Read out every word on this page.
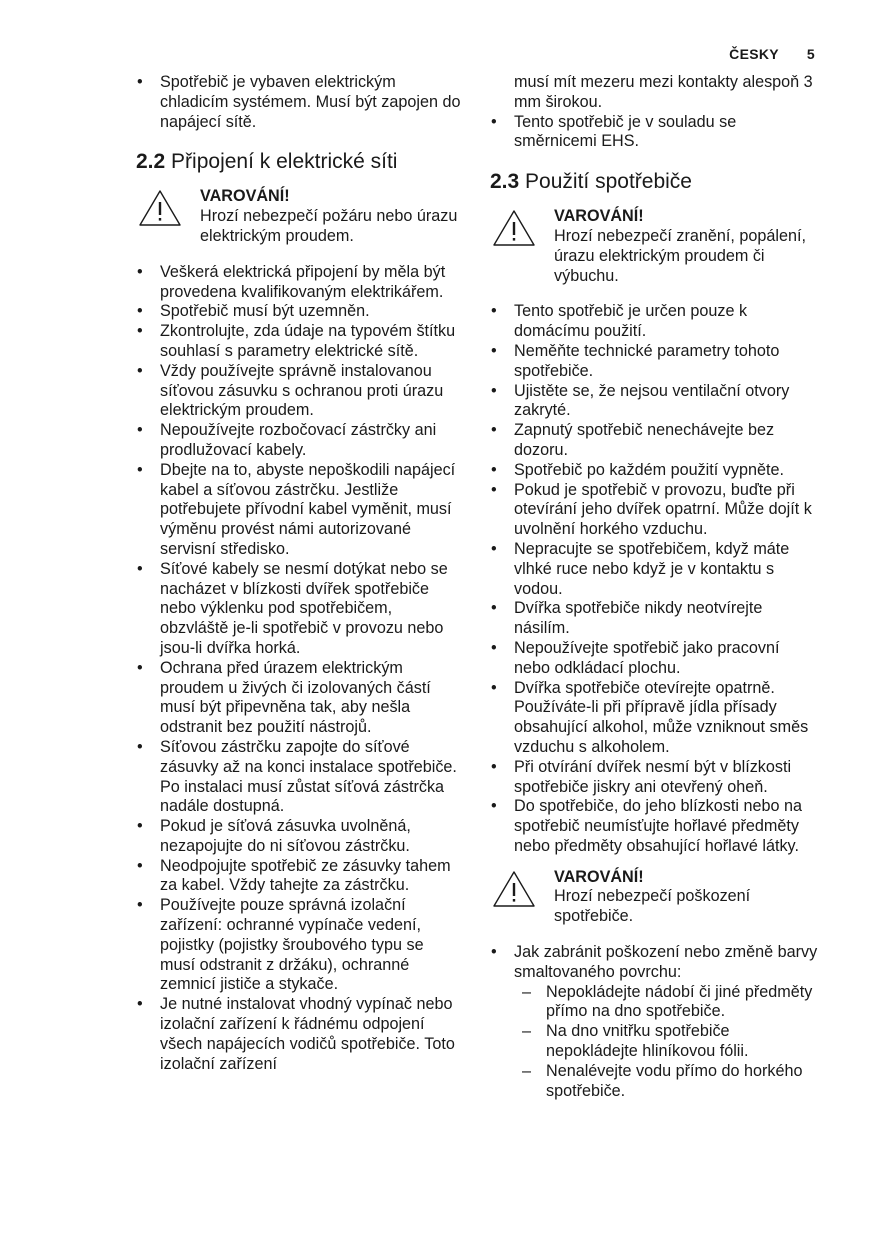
ČESKY 5
• Spotřebič je vybaven elektrickým chladicím systémem. Musí být zapojen do napájecí sítě.
2.2 Připojení k elektrické síti
VAROVÁNÍ!
Hrozí nebezpečí požáru nebo úrazu elektrickým proudem.
• Veškerá elektrická připojení by měla být provedena kvalifikovaným elektrikářem.
• Spotřebič musí být uzemněn.
• Zkontrolujte, zda údaje na typovém štítku souhlasí s parametry elektrické sítě.
• Vždy používejte správně instalovanou síťovou zásuvku s ochranou proti úrazu elektrickým proudem.
• Nepoužívejte rozbočovací zástrčky ani prodlužovací kabely.
• Dbejte na to, abyste nepoškodili napájecí kabel a síťovou zástrčku. Jestliže potřebujete přívodní kabel vyměnit, musí výměnu provést námi autorizované servisní středisko.
• Síťové kabely se nesmí dotýkat nebo se nacházet v blízkosti dvířek spotřebiče nebo výklenku pod spotřebičem, obzvláště je-li spotřebič v provozu nebo jsou-li dvířka horká.
• Ochrana před úrazem elektrickým proudem u živých či izolovaných částí musí být připevněna tak, aby nešla odstranit bez použití nástrojů.
• Síťovou zástrčku zapojte do síťové zásuvky až na konci instalace spotřebiče. Po instalaci musí zůstat síťová zástrčka nadále dostupná.
• Pokud je síťová zásuvka uvolněná, nezapojujte do ni síťovou zástrčku.
• Neodpojujte spotřebič ze zásuvky tahem za kabel. Vždy tahejte za zástrčku.
• Používejte pouze správná izolační zařízení: ochranné vypínače vedení, pojistky (pojistky šroubového typu se musí odstranit z držáku), ochranné zemnicí jističe a stykače.
• Je nutné instalovat vhodný vypínač nebo izolační zařízení k řádnému odpojení všech napájecích vodičů spotřebiče. Toto izolační zařízení
musí mít mezeru mezi kontakty alespoň 3 mm širokou.
• Tento spotřebič je v souladu se směrnicemi EHS.
2.3 Použití spotřebiče
VAROVÁNÍ!
Hrozí nebezpečí zranění, popálení, úrazu elektrickým proudem či výbuchu.
• Tento spotřebič je určen pouze k domácímu použití.
• Neměňte technické parametry tohoto spotřebiče.
• Ujistěte se, že nejsou ventilační otvory zakryté.
• Zapnutý spotřebič nenechávejte bez dozoru.
• Spotřebič po každém použití vypněte.
• Pokud je spotřebič v provozu, buďte při otevírání jeho dvířek opatrní. Může dojít k uvolnění horkého vzduchu.
• Nepracujte se spotřebičem, když máte vlhké ruce nebo když je v kontaktu s vodou.
• Dvířka spotřebiče nikdy neotvírejte násilím.
• Nepoužívejte spotřebič jako pracovní nebo odkládací plochu.
• Dvířka spotřebiče otevírejte opatrně. Používáte-li při přípravě jídla přísady obsahující alkohol, může vzniknout směs vzduchu s alkoholem.
• Při otvírání dvířek nesmí být v blízkosti spotřebiče jiskry ani otevřený oheň.
• Do spotřebiče, do jeho blízkosti nebo na spotřebič neumísťujte hořlavé předměty nebo předměty obsahující hořlavé látky.
VAROVÁNÍ!
Hrozí nebezpečí poškození spotřebiče.
• Jak zabránit poškození nebo změně barvy smaltovaného povrchu:
– Nepokládejte nádobí či jiné předměty přímo na dno spotřebiče.
– Na dno vnitřku spotřebiče nepokládejte hliníkovou fólii.
– Nenalévejte vodu přímo do horkého spotřebiče.
